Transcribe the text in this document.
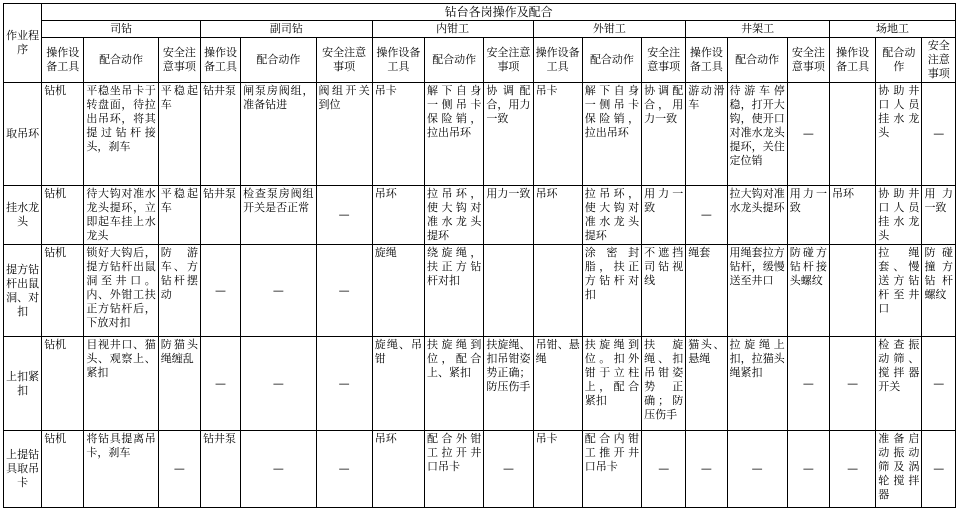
作业程序	钻台各岗操作及配合																	
	司钻			副司钻			内钳工			外钳工			井架工			场地工		
	操作设备工具	配合动作	安全注意事项	操作设备工具	配合动作	安全注意事项	操作设备工具	配合动作	安全注意事项	操作设备工具	配合动作	安全注意事项	操作设备工具	配合动作	安全注意事项	操作设备工具	配合动作	安全注意事项
取吊环	钻机	平稳坐吊卡于转盘面，待拉出吊环，将其提过钻杆接头，刹车	平稳起车	钻井泵	闸泵房阀组，准备钻进	阀组开关到位	吊卡	解下自身一侧吊卡保险销，拉出吊环	协调配合，用力一致	吊卡	解下自身一侧吊卡保险销，拉出吊环	协调配合，用力一致	游动滑车	待游车停稳，打开大钩，使开口对准水龙头提环，关住定位销	—		协助井口人员挂水龙头	—
挂水龙头	钻机	待大钩对准水龙头提环，立即起车挂上水龙头	平稳起车	钻井泵	检查泵房阀组开关是否正常	—	吊环	拉吊环，使大钩对准水龙头提环	用力一致	吊环	拉吊环，使大钩对准水龙头提环	用力一致	—	拉大钩对准水龙头提环	用力一致	吊环	协助井口人员挂水龙头	用力一致
提方钻杆出鼠洞、对扣	钻机	锁好大钩后，提方钻杆出鼠洞至井口。内、外钳工扶正方钻杆后，下放对扣	防游车、方钻杆摆动	—	—	—	旋绳	绕旋绳，扶正方钻杆对扣			涂密封脂，扶正方钻杆对扣	不遮挡司钻视线	绳套	用绳套拉方钻杆，缓慢送至井口	防碰方钻杆接头螺纹		拉绳套、慢送方钻杆至井口	防碰撞方钻杆螺纹
上扣紧扣	钻机	目视井口、猫头、观察上、紧扣	防猫头绳缠乱	—	—	—	旋绳、吊钳	扶旋绳到位，配合上、紧扣	扶旋绳、扣吊钳姿势正确；防压伤手	吊钳、悬绳	扶旋绳到位。扣外钳于立柱上，配合紧扣	扶旋绳、扣吊钳姿势正确；防压伤手	猫头、悬绳	拉旋绳上扣，拉猫头绳紧扣	—	—	检查振动筛、搅拌器开关	—
上提钻具取吊卡	钻机	将钻具提离吊卡，刹车	—	钻井泵	—	—	吊环	配合外钳工拉开井口吊卡	—	吊卡	配合内钳工推开井口吊卡	—	—	—	—	—	准备启动振动筛及涡轮搅拌器	—
